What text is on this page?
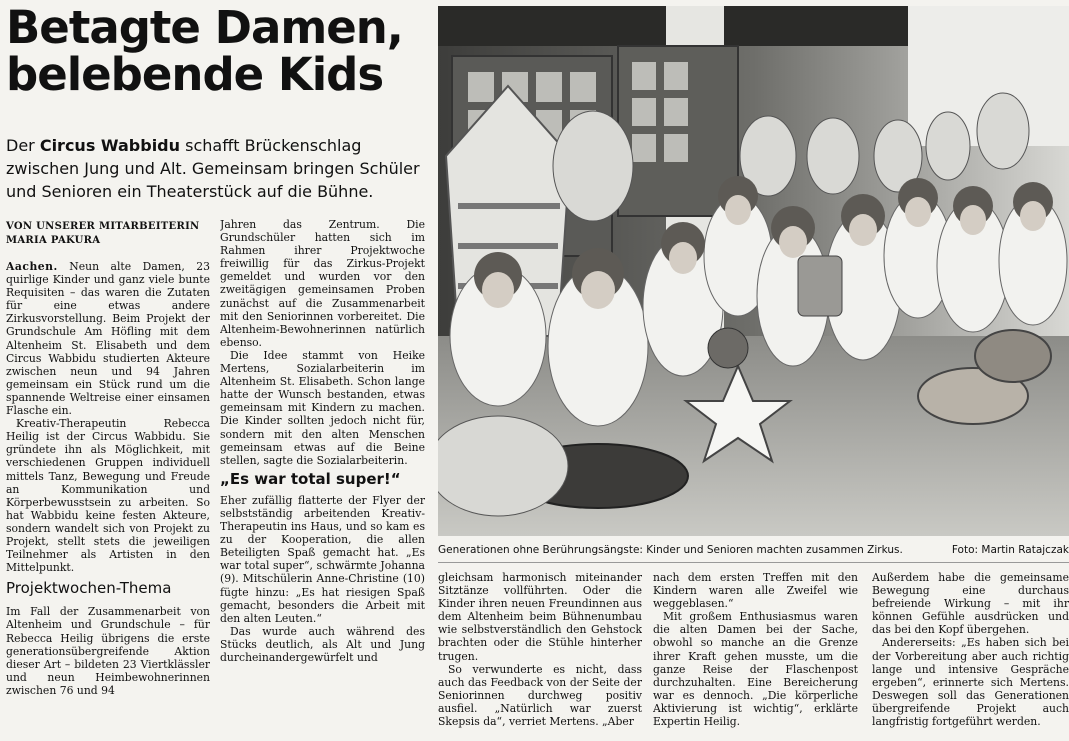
Betagte Damen,
belebende Kids

Der Circus Wabbidu schafft Brückenschlag zwischen Jung und Alt. Gemeinsam bringen Schüler und Senioren ein Theaterstück auf die Bühne.

VON UNSERER MITARBEITERIN
MARIA PAKURA

Aachen. Neun alte Damen, 23 quirlige Kinder und ganz viele bunte Requisiten – das waren die Zutaten für eine etwas andere Zirkusvorstellung. Beim Projekt der Grundschule Am Höfling mit dem Altenheim St. Elisabeth und dem Circus Wabbidu studierten Akteure zwischen neun und 94 Jahren gemeinsam ein Stück rund um die spannende Weltreise einer einsamen Flasche ein.

Kreativ-Therapeutin Rebecca Heilig ist der Circus Wabbidu. Sie gründete ihn als Möglichkeit, mit verschiedenen Gruppen individuell mittels Tanz, Bewegung und Freude an Kommunikation und Körperbewusstsein zu arbeiten. So hat Wabbidu keine festen Akteure, sondern wandelt sich von Projekt zu Projekt, stellt stets die jeweiligen Teilnehmer als Artisten in den Mittelpunkt.

Projektwochen-Thema

Im Fall der Zusammenarbeit von Altenheim und Grundschule – für Rebecca Heilig übrigens die erste generationsübergreifende Aktion dieser Art – bildeten 23 Viertklässler und neun Heimbewohnerinnen zwischen 76 und 94

Jahren das Zentrum. Die Grundschüler hatten sich im Rahmen ihrer Projektwoche freiwillig für das Zirkus-Projekt gemeldet und wurden vor den zweitägigen gemeinsamen Proben zunächst auf die Zusammenarbeit mit den Seniorinnen vorbereitet. Die Altenheim-Bewohnerinnen natürlich ebenso.

Die Idee stammt von Heike Mertens, Sozialarbeiterin im Altenheim St. Elisabeth. Schon lange hatte der Wunsch bestanden, etwas gemeinsam mit Kindern zu machen. Die Kinder sollten jedoch nicht für, sondern mit den alten Menschen gemeinsam etwas auf die Beine stellen, sagte die Sozialarbeiterin.

„Es war total super!“

Eher zufällig flatterte der Flyer der selbstständig arbeitenden Kreativ-Therapeutin ins Haus, und so kam es zu der Kooperation, die allen Beteiligten Spaß gemacht hat. „Es war total super“, schwärmte Johanna (9). Mitschülerin Anne-Christine (10) fügte hinzu: „Es hat riesigen Spaß gemacht, besonders die Arbeit mit den alten Leuten.“

Das wurde auch während des Stücks deutlich, als Alt und Jung durcheinandergewürfelt und

Generationen ohne Berührungsängste: Kinder und Senioren machten zusammen Zirkus.	Foto: Martin Ratajczak

gleichsam harmonisch miteinander Sitztänze vollführten. Oder die Kinder ihren neuen Freundinnen aus dem Altenheim beim Bühnenumbau wie selbstverständlich den Gehstock brachten oder die Stühle hinterher trugen.

So verwunderte es nicht, dass auch das Feedback von der Seite der Seniorinnen durchweg positiv ausfiel. „Natürlich war zuerst Skepsis da“, verriet Mertens. „Aber

nach dem ersten Treffen mit den Kindern waren alle Zweifel wie weggeblasen.“

Mit großem Enthusiasmus waren die alten Damen bei der Sache, obwohl so manche an die Grenze ihrer Kraft gehen musste, um die ganze Reise der Flaschenpost durchzuhalten. Eine Bereicherung war es dennoch. „Die körperliche Aktivierung ist wichtig“, erklärte Expertin Heilig.

Außerdem habe die gemeinsame Bewegung eine durchaus befreiende Wirkung – mit ihr können Gefühle ausdrücken und das bei den Kopf übergehen.

Andererseits: „Es haben sich bei der Vorbereitung aber auch richtig lange und intensive Gespräche ergeben“, erinnerte sich Mertens. Deswegen soll das Generationen übergreifende Projekt auch langfristig fortgeführt werden.
